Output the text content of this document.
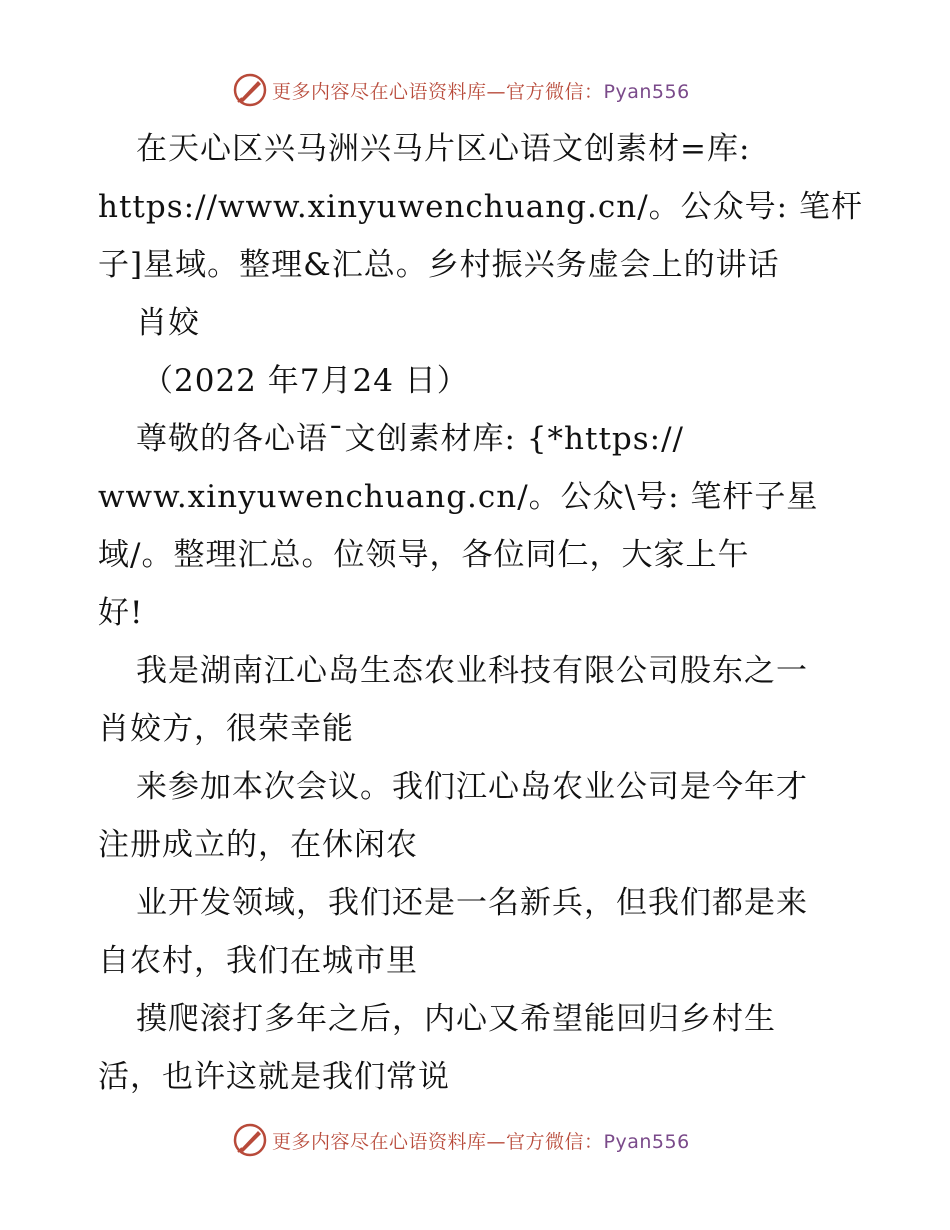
更多内容尽在心语资料库—官方微信：Pyan556
在天心区兴马洲兴马片区心语文创素材=库:
https://www.xinyuwenchuang.cn/。公众号: 笔杆
子]星域。整理&汇总。乡村振兴务虚会上的讲话
肖姣
（2022 年7月24 日）
尊敬的各心语¯文创素材库: {*https://
www.xinyuwenchuang.cn/。公众\号: 笔杆子星
域/。整理汇总。位领导，各位同仁，大家上午
好!
我是湖南江心岛生态农业科技有限公司股东之一
肖姣方，很荣幸能
来参加本次会议。我们江心岛农业公司是今年才
注册成立的，在休闲农
业开发领域，我们还是一名新兵，但我们都是来
自农村，我们在城市里
摸爬滚打多年之后，内心又希望能回归乡村生
活，也许这就是我们常说
更多内容尽在心语资料库—官方微信：Pyan556
